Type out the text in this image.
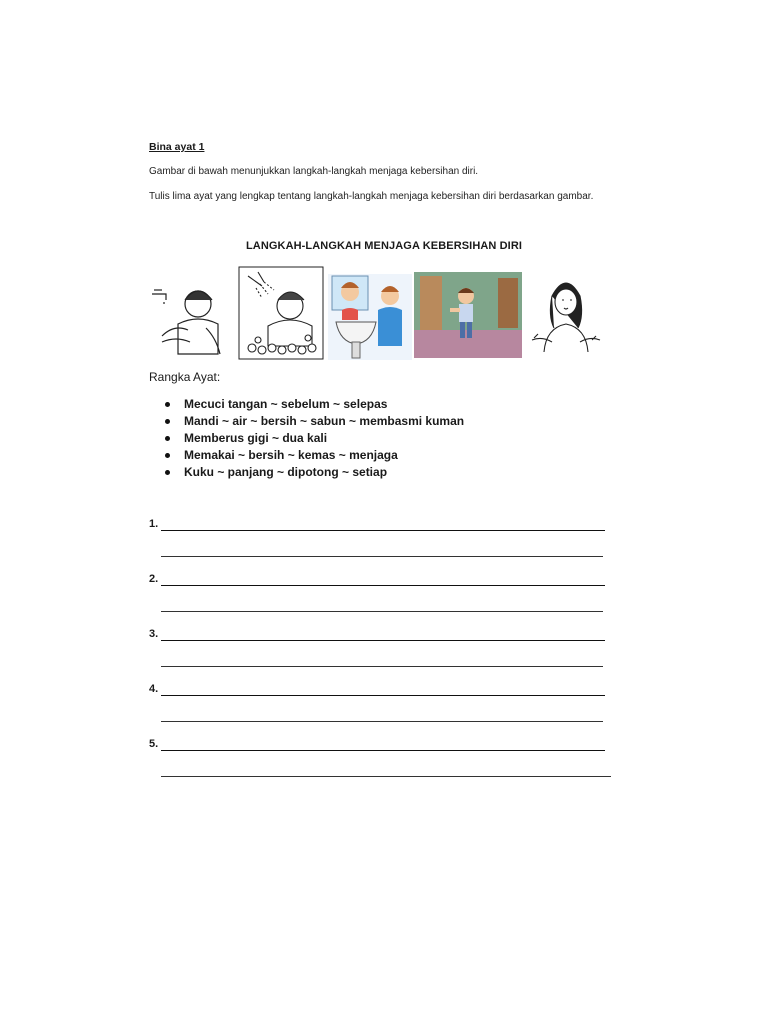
Bina ayat 1
Gambar di bawah menunjukkan langkah-langkah menjaga kebersihan diri.
Tulis lima ayat yang lengkap tentang langkah-langkah menjaga kebersihan diri berdasarkan gambar.
LANGKAH-LANGKAH MENJAGA KEBERSIHAN DIRI
Rangka Ayat:
Mecuci tangan ~ sebelum ~ selepas
Mandi ~ air ~ bersih ~ sabun ~ membasmi kuman
Memberus gigi ~ dua kali
Memakai ~ bersih ~ kemas ~ menjaga
Kuku ~ panjang ~ dipotong ~ setiap
1.
2.
3.
4.
5.
